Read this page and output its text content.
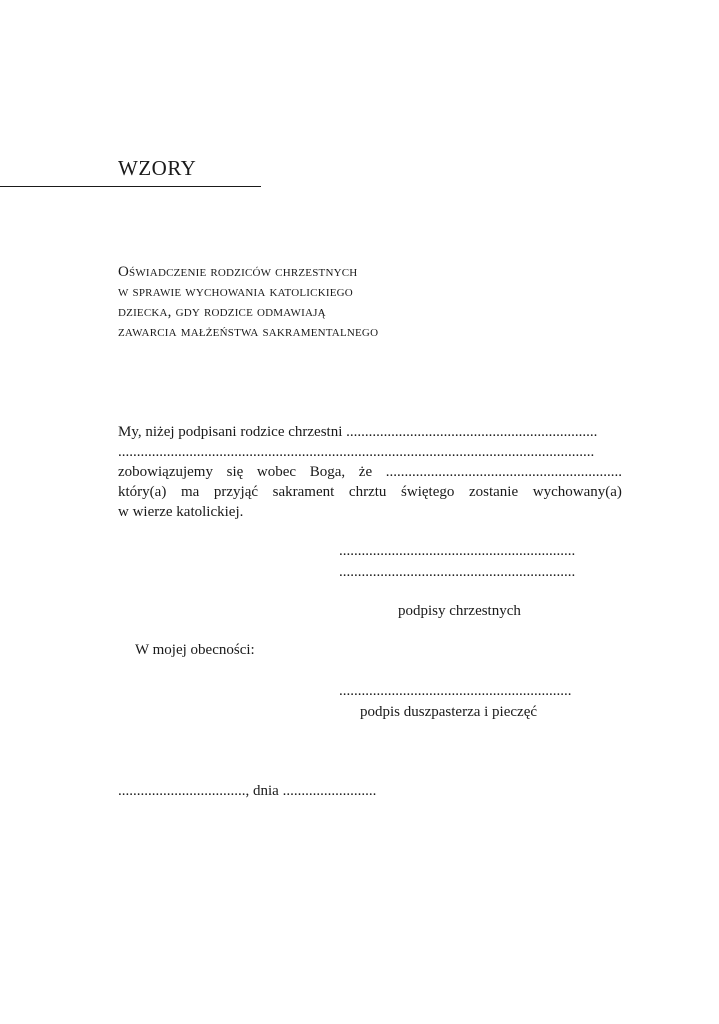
WZORY
Oświadczenie rodziców chrzestnych
w sprawie wychowania katolickiego
dziecka, gdy rodzice odmawiają
zawarcia małżeństwa sakramentalnego
My, niżej podpisani rodzice chrzestni ...................................................................
...............................................................................................................................
zobowiązujemy się wobec Boga, że ...............................................................
który(a) ma przyjąć sakrament chrztu świętego zostanie wychowany(a)
w wierze katolickiej.
...............................................................
...............................................................
podpisy chrzestnych
W mojej obecności:
..............................................................
podpis duszpasterza i pieczęć
.................................., dnia .........................
